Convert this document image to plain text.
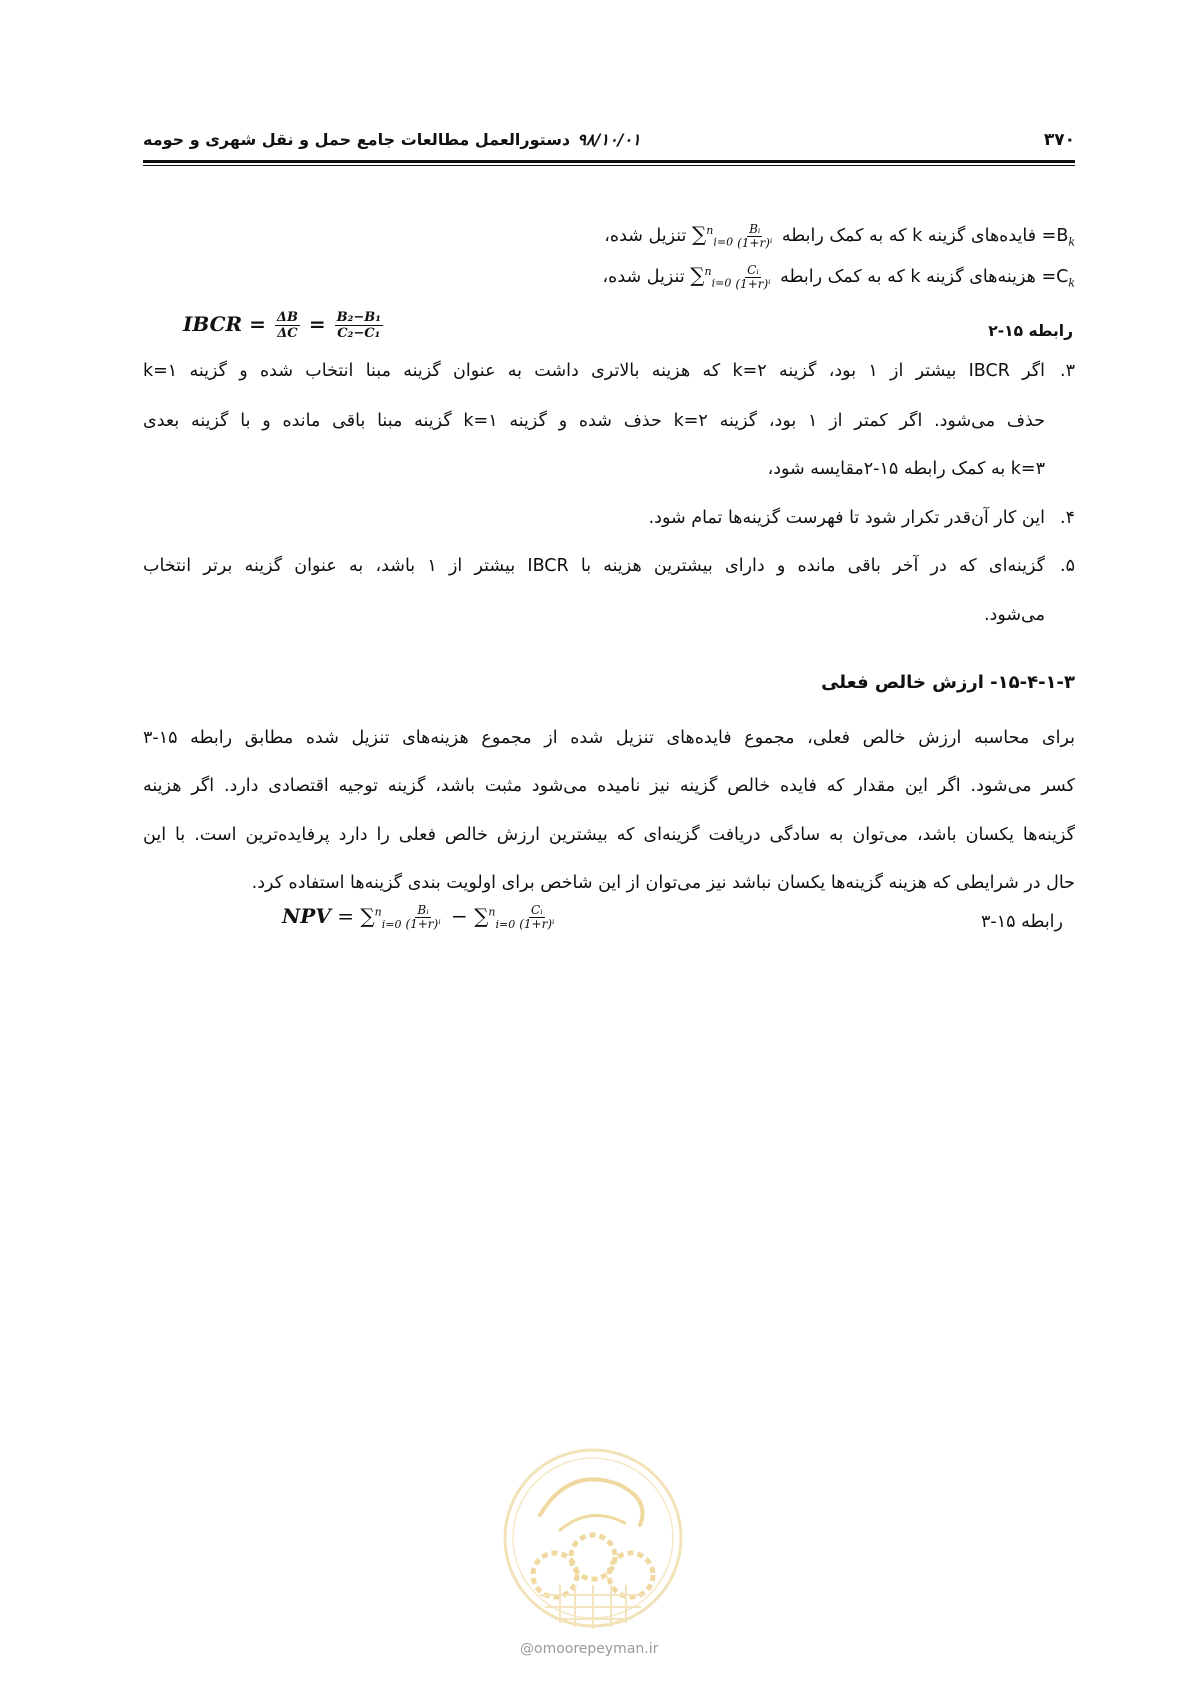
۳۷۰
۹۸/۱۰/۰۱
دستورالعمل مطالعات جامع حمل و نقل شهری و حومه
$=B_k$ فایده‌های گزینه k که به کمک رابطه $\sum^n_{i=0} \frac{\text{Bᵢ}}{\text{(1+r)ⁱ}}$
تنزیل شده،
$=C_k$ هزینه‌های گزینه k که به کمک رابطه $\sum^n_{i=0} \frac{\text{Cᵢ}}{\text{(1+r)ⁱ}}$
تنزیل شده،
IBCR = $\frac{\Delta B}{\Delta C} = \frac{\text{B₂−B₁}}{\text{C₂−C₁}}$	رابطه ۱۵-۲
۳.
اگر IBCR بیشتر از ۱ بود، گزینه k=۲ که هزینه بالاتری داشت به عنوان گزینه مبنا انتخاب شده و گزینه k=۱
حذف می‌شود. اگر کمتر از ۱ بود، گزینه k=۲ حذف شده و گزینه k=۱ گزینه مبنا باقی مانده و با گزینه بعدی
k=۳ به کمک رابطه ۱۵-۲مقایسه شود،
۴.
این کار آن‌قدر تکرار شود تا فهرست گزینه‌ها تمام شود.
۵.
گزینه‌ای که در آخر باقی مانده و دارای بیشترین هزینه با IBCR بیشتر از ۱ باشد، به عنوان گزینه برتر انتخاب
می‌شود.
۱۵-۴-۱-۳- ارزش خالص فعلی
برای محاسبه ارزش خالص فعلی، مجموع فایده‌های تنزیل شده از مجموع هزینه‌های تنزیل شده مطابق رابطه ۱۵-۳
کسر می‌شود. اگر این مقدار که فایده خالص گزینه نیز نامیده می‌شود مثبت باشد، گزینه توجیه اقتصادی دارد. اگر هزینه
گزینه‌ها یکسان باشد، می‌توان به سادگی دریافت گزینه‌ای که بیشترین ارزش خالص فعلی را دارد پرفایده‌ترین است. با این
حال در شرایطی که هزینه گزینه‌ها یکسان نباشد نیز می‌توان از این شاخص برای اولویت بندی گزینه‌ها استفاده کرد.
NPV = $\sum^n_{i=0} \frac{\text{Bᵢ}}{\text{(1+r)ⁱ}} - \sum^n_{i=0} \frac{\text{Cᵢ}}{\text{(1+r)ⁱ}}$	رابطه ۱۵-۳
@omoorepeyman.ir
